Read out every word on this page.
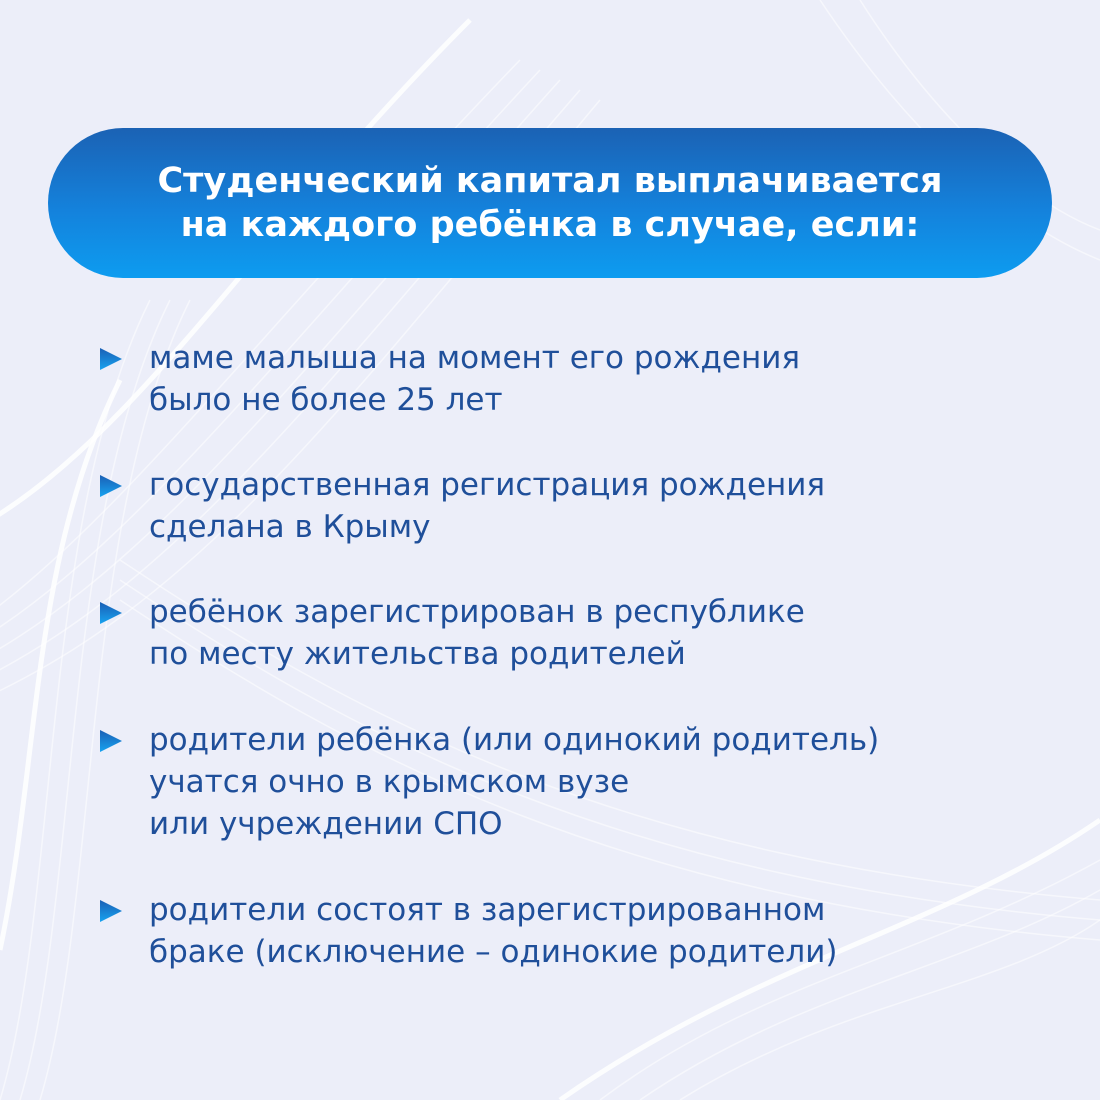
Студенческий капитал выплачивается
на каждого ребёнка в случае, если:
маме малыша на момент его рождения
было не более 25 лет
государственная регистрация рождения
сделана в Крыму
ребёнок зарегистрирован в республике
по месту жительства родителей
родители ребёнка (или одинокий родитель)
учатся очно в крымском вузе
или учреждении СПО
родители состоят в зарегистрированном
браке (исключение – одинокие родители)
